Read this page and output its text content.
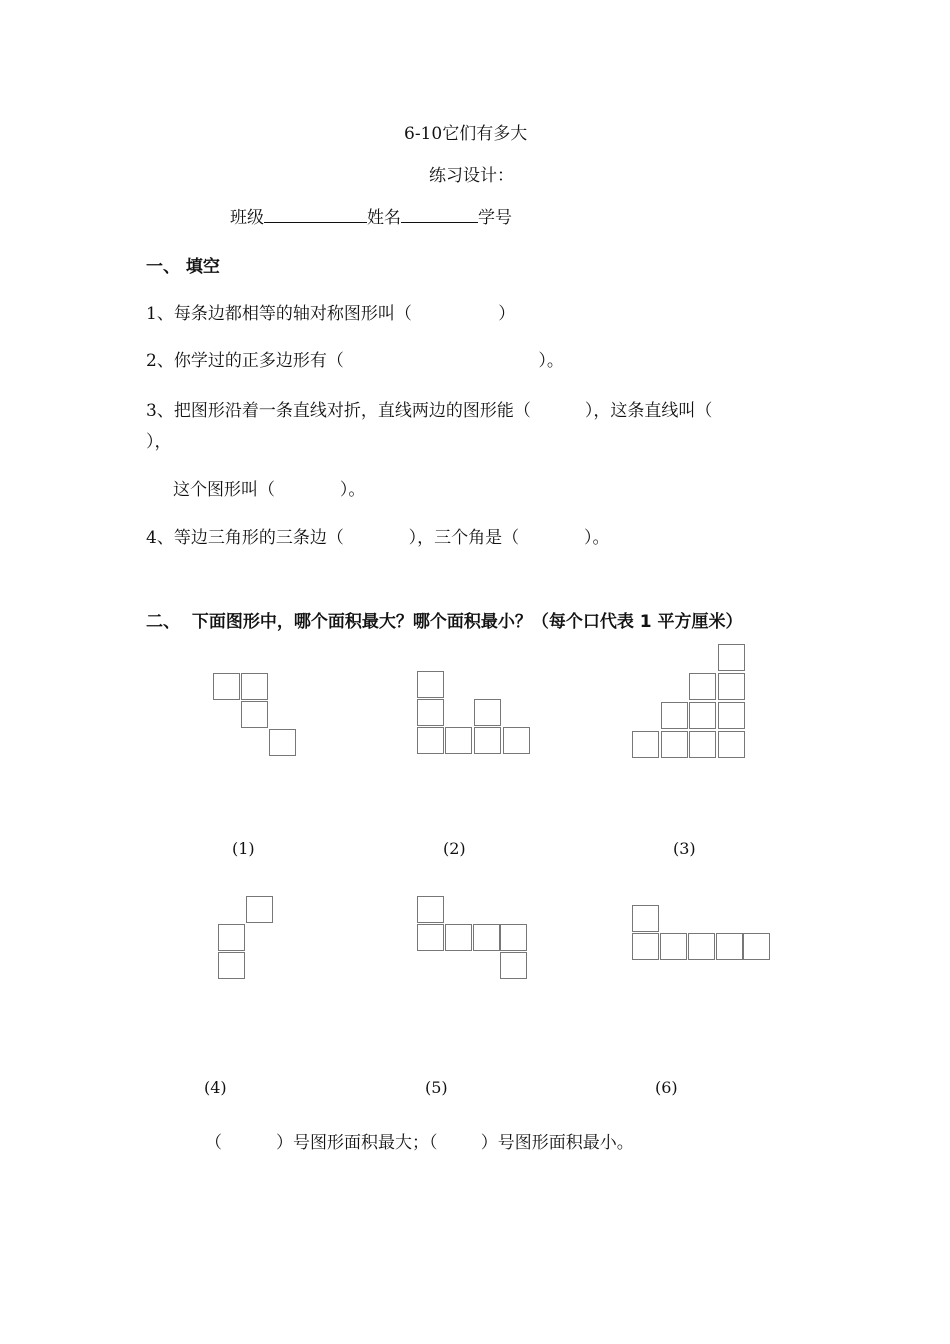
6-10它们有多大
练习设计：
班级	姓名	学号
一、 填空
1、每条边都相等的轴对称图形叫（                ）
2、你学过的正多边形有（                                    ）。
3、把图形沿着一条直线对折，直线两边的图形能（          ），这条直线叫（
），
这个图形叫（            ）。
4、等边三角形的三条边（            ），三个角是（            ）。
二、  下面图形中，哪个面积最大？哪个面积最小？（每个口代表 1 平方厘米）
(1)	(2)	(3)
(4)	(5)	(6)
（          ）号图形面积最大；（        ）号图形面积最小。
